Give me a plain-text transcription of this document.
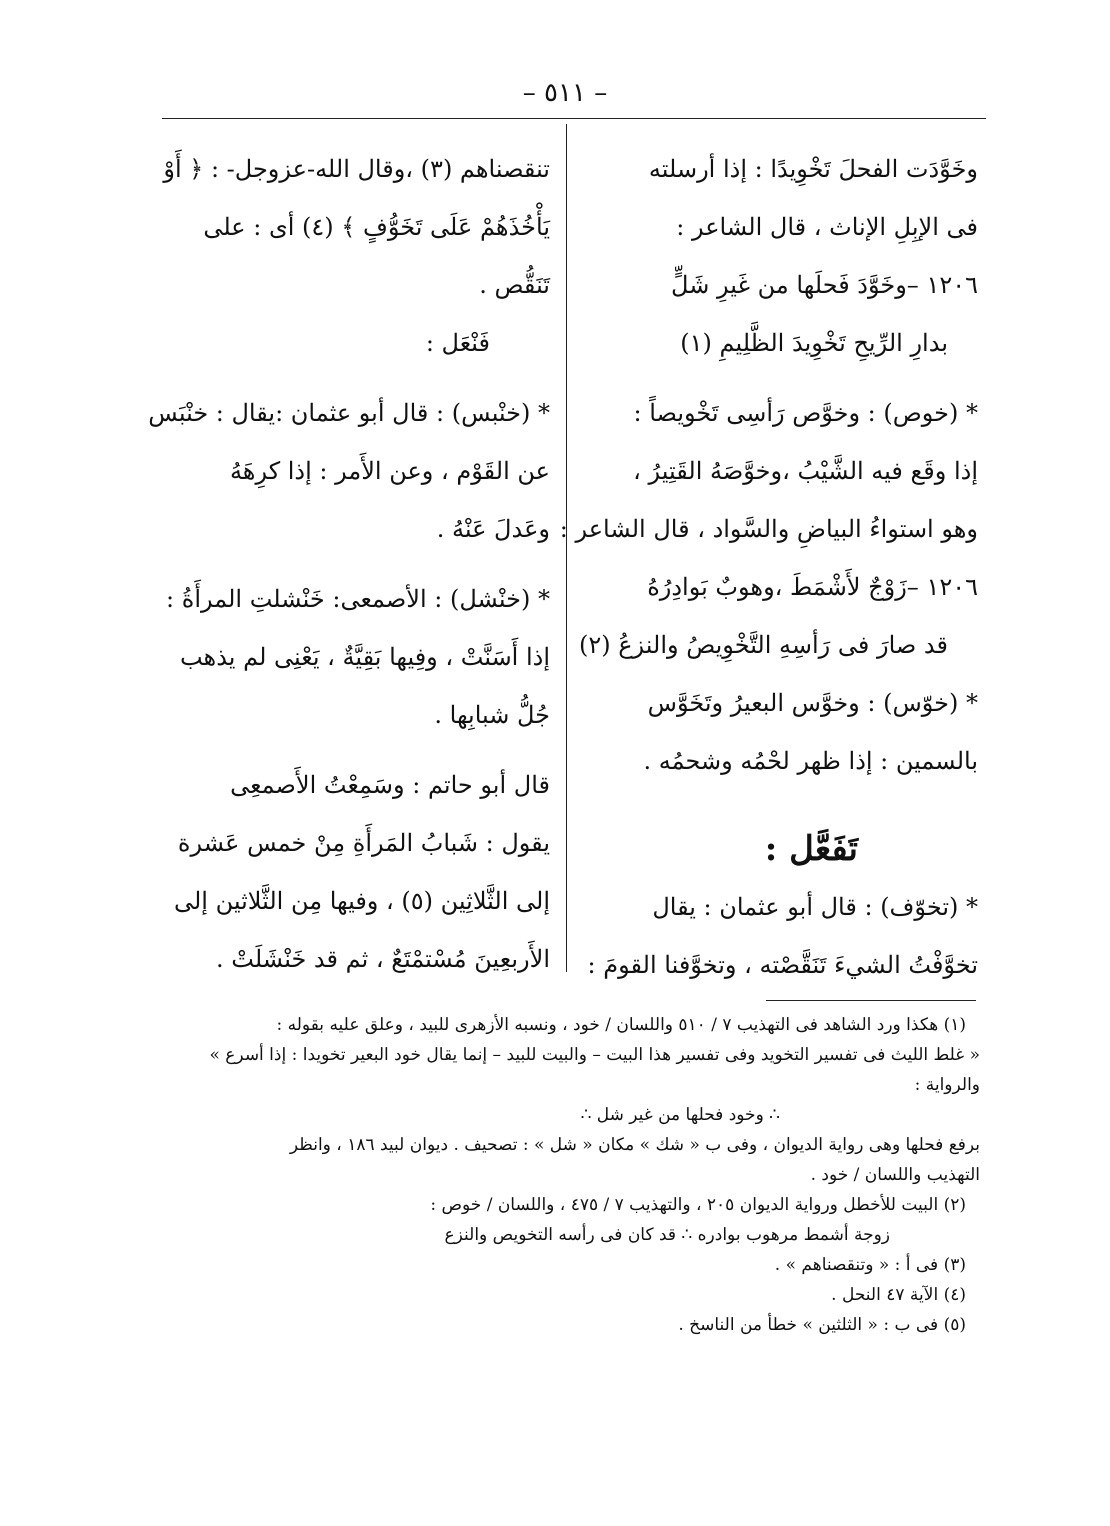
– ٥١١ –
وخَوَّدَت الفحلَ تَخْوِيدًا : إذا أرسلته
فى الإبِلِ الإناث ، قال الشاعر :
١٢٠٦ –وخَوَّدَ فَحلَها من غَيرِ شَلٍّ
بدارِ الرِّيحِ تَخْوِيدَ الظَّلِيمِ (١)
* (خوص) : وخوَّص رَأسِى تَخْويصاً :
إذا وقَع فيه الشَّيْبُ ،وخوَّصَهُ القَتِيرُ ،
وهو استواءُ البياضِ والسَّواد ، قال الشاعر :
١٢٠٦ –زَوْجٌ لأَشْمَطَ ،وهوبٌ بَوادِرُهُ
قد صارَ فى رَأسِهِ التَّخْوِيصُ والنزعُ (٢)
* (خوّس) : وخوَّس البعيرُ وتَخَوَّس
بالسمين : إذا ظهر لحْمُه وشحمُه .
تَفَعَّل :
* (تخوّف) : قال أبو عثمان : يقال
تخوَّفْتُ الشيءَ تَنَقَّصْته ، وتخوَّفنا القومَ :
تنقصناهم (٣) ،وقال الله-عزوجل- : ﴿ أَوْ
يَأْخُذَهُمْ عَلَى تَخَوُّفٍ ﴾ (٤) أى : على
تَنَقُّص .
فَنْعَل :
* (خنْبس) : قال أبو عثمان :يقال : خنْبَس
عن القَوْم ، وعن الأَمر : إذا كرِهَهُ
وعَدلَ عَنْهُ .
* (خنْشل) : الأصمعى: خَنْشلتِ المرأَةُ :
إذا أَسَنَّتْ ، وفِيها بَقِيَّةٌ ، يَعْنِى لم يذهب
جُلُّ شبابِها .
قال أبو حاتم : وسَمِعْتُ الأَصمعِى
يقول : شَبابُ المَرأَةِ مِنْ خمس عَشرة
إلى الثَّلاثِين (٥) ، وفيها مِن الثَّلاثين إلى
الأَربعِينَ مُسْتمْتَعٌ ، ثم قد خَنْشَلَتْ .
(١) هكذا ورد الشاهد فى التهذيب ٧ / ٥١٠ واللسان / خود ، ونسبه الأزهرى للبيد ، وعلق عليه بقوله :
« غلط الليث فى تفسير التخويد وفى تفسير هذا البيت – والبيت للبيد – إنما يقال خود البعير تخويدا : إذا أسرع »
والرواية :
∴ وخود فحلها من غير شل ∴
برفع فحلها وهى رواية الديوان ، وفى ب « شك » مكان « شل » : تصحيف . ديوان لبيد ١٨٦ ، وانظر
التهذيب واللسان / خود .
(٢) البيت للأخطل ورواية الديوان ٢٠٥ ، والتهذيب ٧ / ٤٧٥ ، واللسان / خوص :
زوجة أشمط مرهوب بوادره ∴ قد كان فى رأسه التخويص والنزع
(٣) فى أ : « وتنقصناهم » .
(٤) الآية ٤٧ النحل .
(٥) فى ب : « الثلثين » خطأ من الناسخ .
